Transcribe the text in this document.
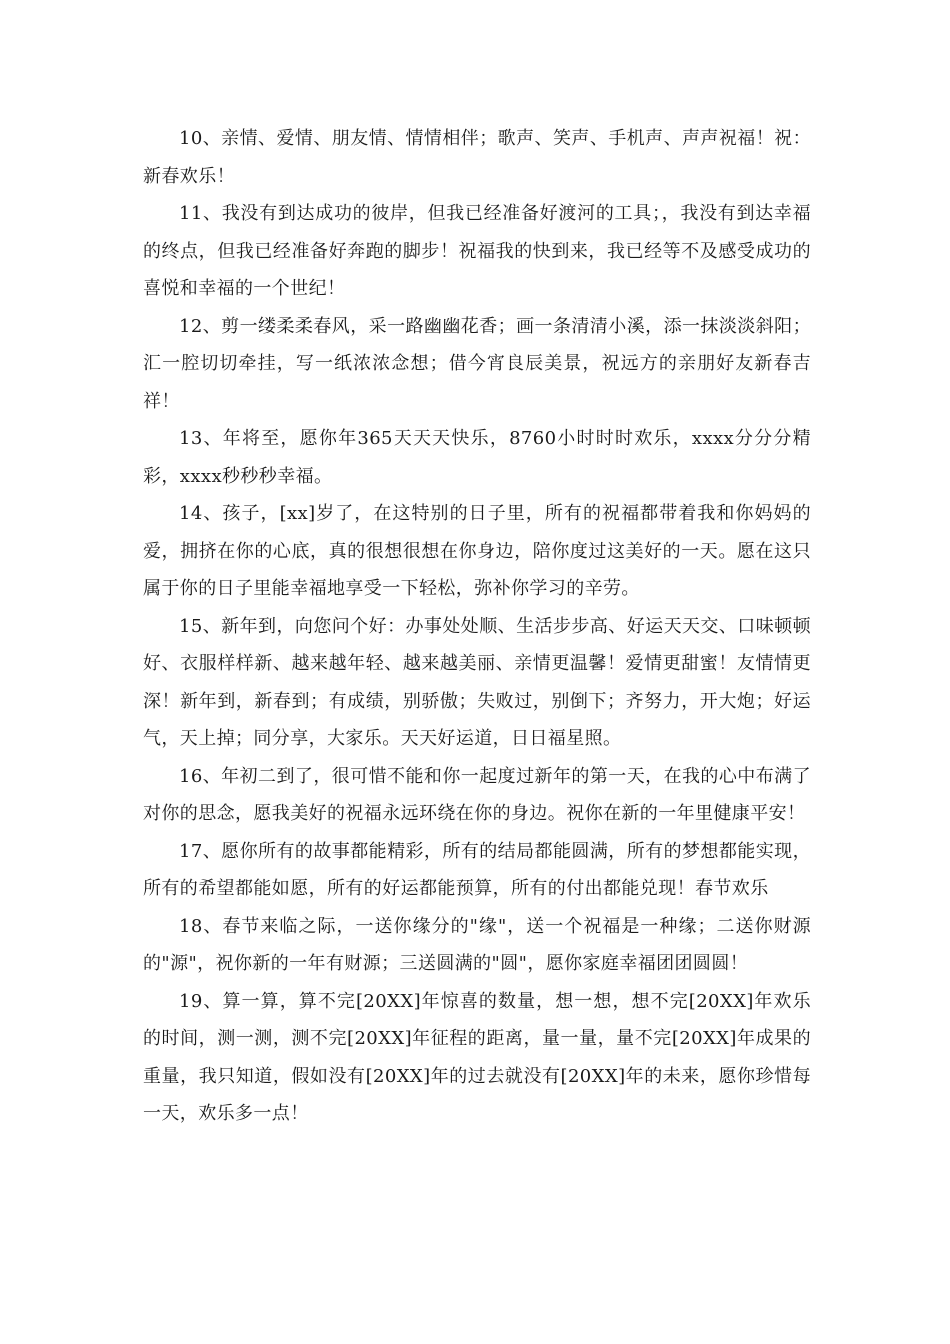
10、亲情、爱情、朋友情、情情相伴；歌声、笑声、手机声、声声祝福！祝：新春欢乐！

11、我没有到达成功的彼岸，但我已经准备好渡河的工具；，我没有到达幸福的终点，但我已经准备好奔跑的脚步！祝福我的快到来，我已经等不及感受成功的喜悦和幸福的一个世纪！

12、剪一缕柔柔春风，采一路幽幽花香；画一条清清小溪，添一抹淡淡斜阳；汇一腔切切牵挂，写一纸浓浓念想；借今宵良辰美景，祝远方的亲朋好友新春吉祥！

13、年将至，愿你年365天天天快乐，8760小时时时欢乐，xxxx分分分精彩，xxxx秒秒秒幸福。

14、孩子，[xx]岁了，在这特别的日子里，所有的祝福都带着我和你妈妈的爱，拥挤在你的心底，真的很想很想在你身边，陪你度过这美好的一天。愿在这只属于你的日子里能幸福地享受一下轻松，弥补你学习的辛劳。

15、新年到，向您问个好：办事处处顺、生活步步高、好运天天交、口味顿顿好、衣服样样新、越来越年轻、越来越美丽、亲情更温馨！爱情更甜蜜！友情情更深！新年到，新春到；有成绩，别骄傲；失败过，别倒下；齐努力，开大炮；好运气，天上掉；同分享，大家乐。天天好运道，日日福星照。

16、年初二到了，很可惜不能和你一起度过新年的第一天，在我的心中布满了对你的思念，愿我美好的祝福永远环绕在你的身边。祝你在新的一年里健康平安！

17、愿你所有的故事都能精彩，所有的结局都能圆满，所有的梦想都能实现，所有的希望都能如愿，所有的好运都能预算，所有的付出都能兑现！春节欢乐

18、春节来临之际，一送你缘分的"缘"，送一个祝福是一种缘；二送你财源的"源"，祝你新的一年有财源；三送圆满的"圆"，愿你家庭幸福团团圆圆！

19、算一算，算不完[20XX]年惊喜的数量，想一想，想不完[20XX]年欢乐的时间，测一测，测不完[20XX]年征程的距离，量一量，量不完[20XX]年成果的重量，我只知道，假如没有[20XX]年的过去就没有[20XX]年的未来，愿你珍惜每一天，欢乐多一点！
